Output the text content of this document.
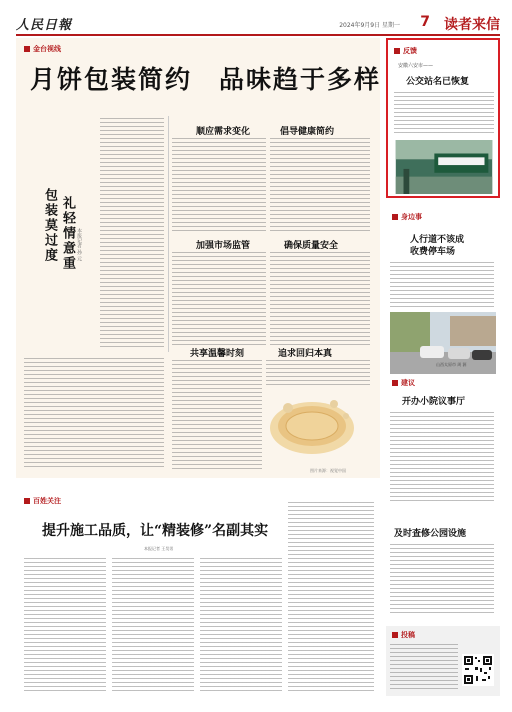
人民日報	2024年9月9日 星期一 7 读者来信
金台视线
月饼包装简约　品味趋于多样
包装莫过度 礼轻情意重 本报记者 孙 元
顺应需求变化	倡导健康简约
加强市场监管	确保质量安全
共享温馨时刻	追求回归本真
图片来源：视觉中国
百姓关注
提升施工品质，让“精装修”名副其实
本报记者 王昊男
反馈
安徽六安市——
公交站名已恢复
身边事
人行道不该成
收费停车场
山西太原市 周 源
建议
开办小院议事厅
及时查修公园设施
投稿
